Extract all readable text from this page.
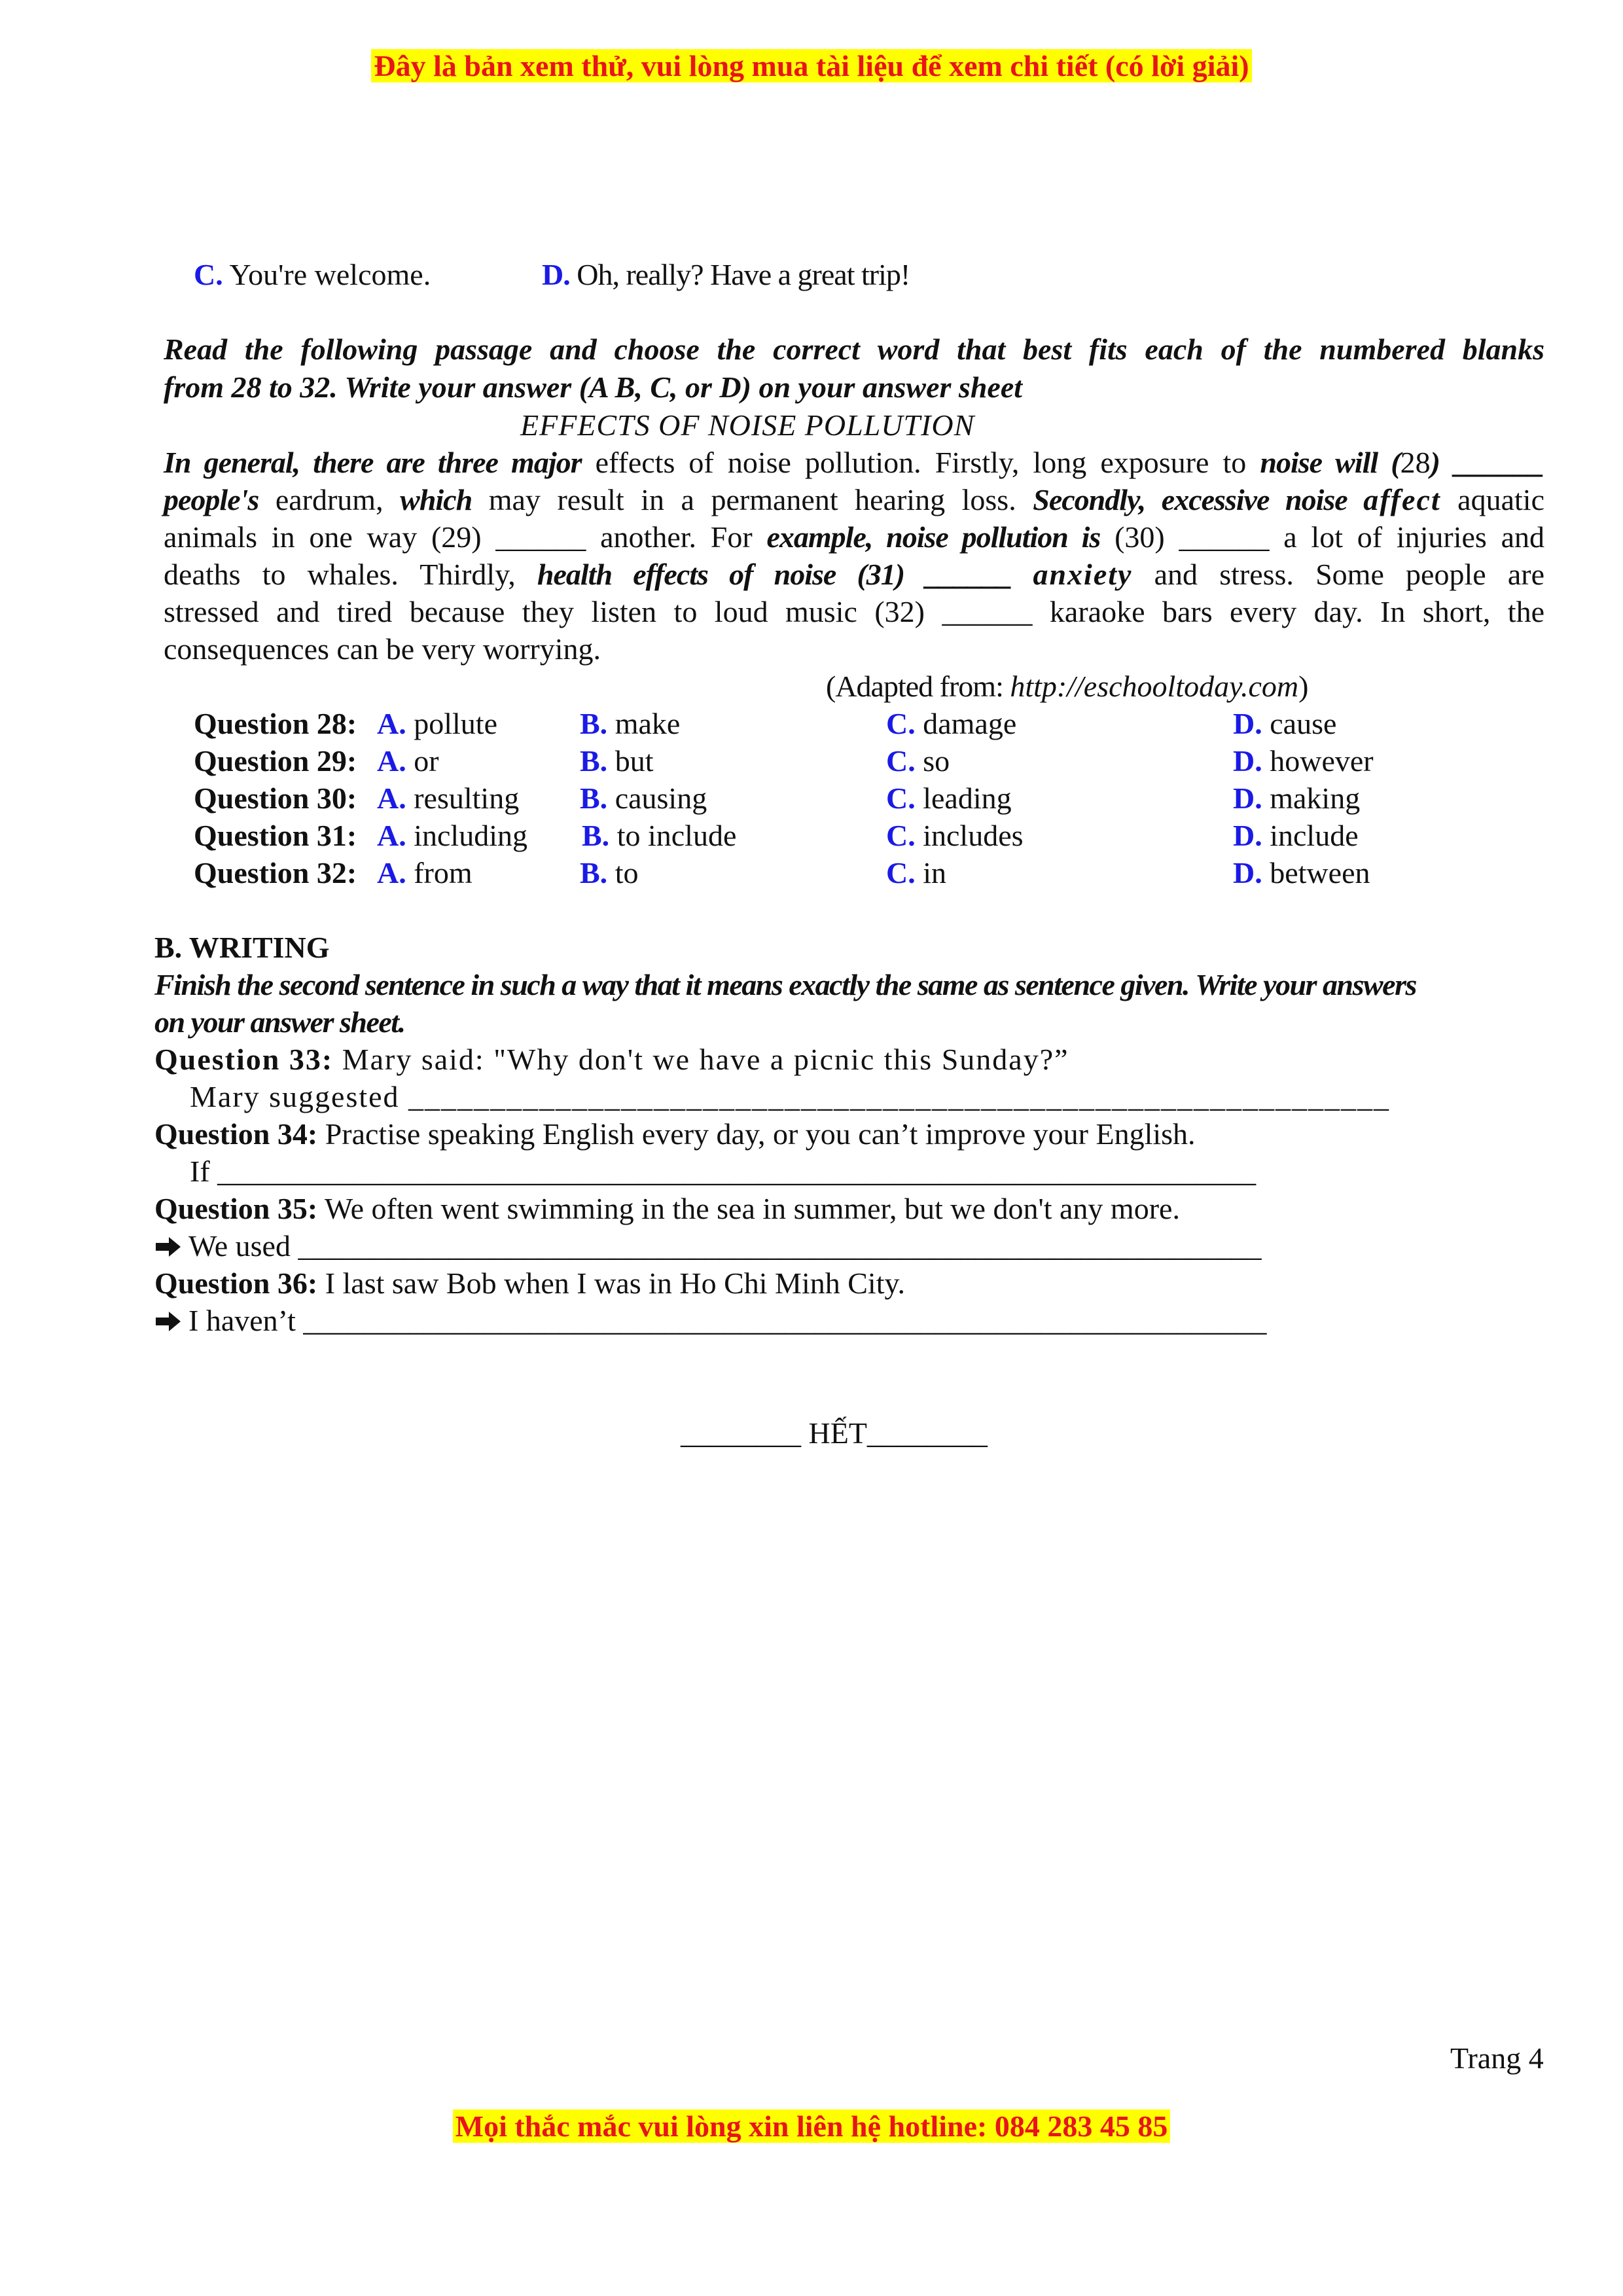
Đây là bản xem thử, vui lòng mua tài liệu để xem chi tiết (có lời giải)
C. You're welcome.	D. Oh, really? Have a great trip!
Read the following passage and choose the correct word that best fits each of the numbered blanks
from 28 to 32. Write your answer (A B, C, or D) on your answer sheet
EFFECTS OF NOISE POLLUTION
In general, there are three major effects of noise pollution. Firstly, long exposure to noise will (28) ______
people's eardrum, which may result in a permanent hearing loss. Secondly, excessive noise affect aquatic
animals in one way (29) ______ another. For example, noise pollution is (30) ______ a lot of injuries and
deaths to whales. Thirdly, health effects of noise (31) ______ anxiety and stress. Some people are
stressed and tired because they listen to loud music (32) ______ karaoke bars every day. In short, the
consequences can be very worrying.
(Adapted from: http://eschooltoday.com)
Question 28: A. pollute	B. make	C. damage	D. cause
Question 29: A. or	B. but	C. so	D. however
Question 30: A. resulting B. causing	C. leading	D. making
Question 31: A. including B. to include	C. includes	D. include
Question 32: A. from	B. to	C. in	D. between
B. WRITING
Finish the second sentence in such a way that it means exactly the same as sentence given. Write your answers
on your answer sheet.
Question 33: Mary said: "Why don't we have a picnic this Sunday?”
Mary suggested ____________________________________________________________
Question 34: Practise speaking English every day, or you can’t improve your English.
If _____________________________________________________________________
Question 35: We often went swimming in the sea in summer, but we don't any more.
We used ________________________________________________________________
Question 36: I last saw Bob when I was in Ho Chi Minh City.
I haven’t ________________________________________________________________
________ HẾT________
Trang 4
Mọi thắc mắc vui lòng xin liên hệ hotline: 084 283 45 85
